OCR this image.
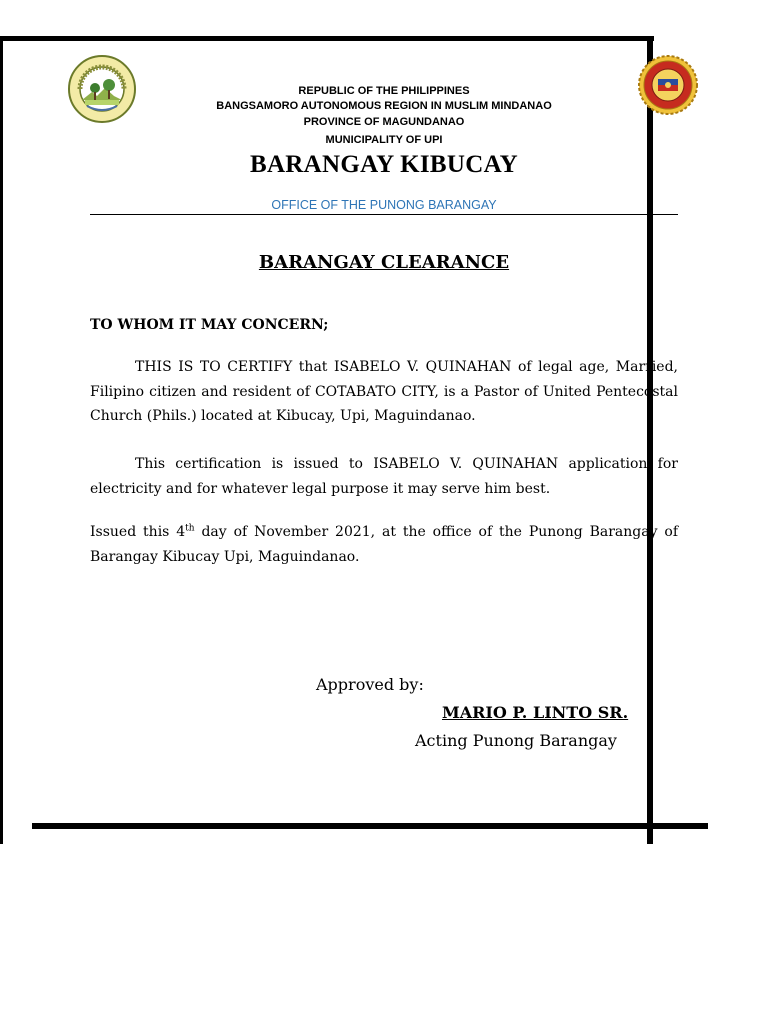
REPUBLIC OF THE PHILIPPINES
BANGSAMORO AUTONOMOUS REGION IN MUSLIM MINDANAO
PROVINCE OF MAGUNDANAO
MUNICIPALITY OF UPI
BARANGAY KIBUCAY
OFFICE OF THE PUNONG BARANGAY
BARANGAY CLEARANCE
TO WHOM IT MAY CONCERN;
THIS IS TO CERTIFY that ISABELO V. QUINAHAN of legal age, Married, Filipino citizen and resident of COTABATO CITY, is a Pastor of United Pentecostal Church (Phils.) located at Kibucay, Upi, Maguindanao.
This certification is issued to ISABELO V. QUINAHAN application for electricity and for whatever legal purpose it may serve him best.
Issued this 4th day of November 2021, at the office of the Punong Barangay of Barangay Kibucay Upi, Maguindanao.
Approved by:
MARIO P. LINTO SR.
Acting Punong Barangay
